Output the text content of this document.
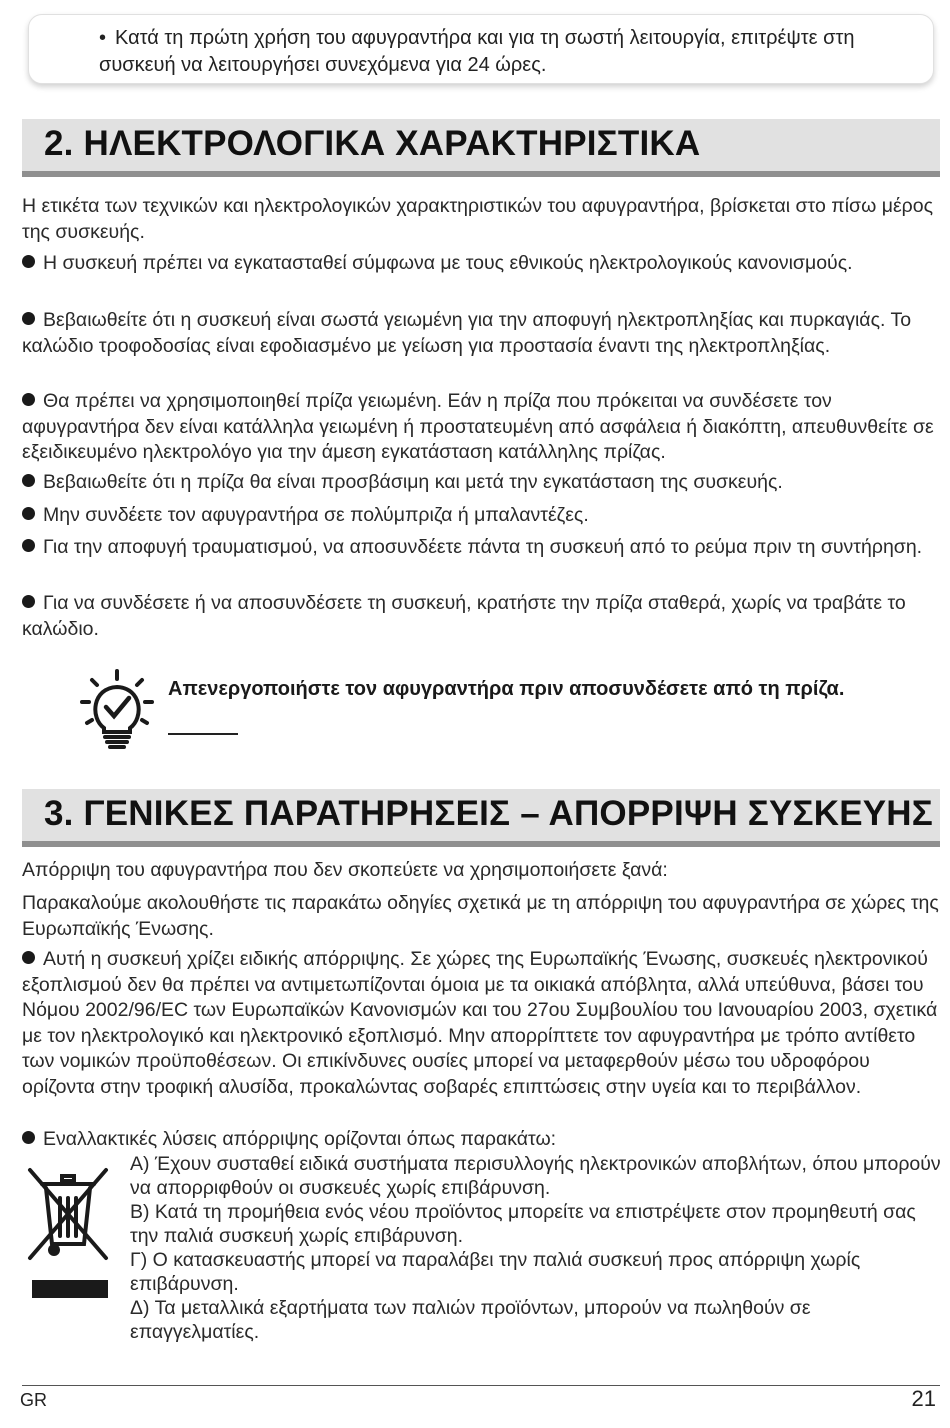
• Κατά τη πρώτη χρήση του αφυγραντήρα και για τη σωστή λειτουργία, επιτρέψτε στη συσκευή να λειτουργήσει συνεχόμενα για 24 ώρες.
2. ΗΛΕΚΤΡΟΛΟΓΙΚΑ ΧΑΡΑΚΤΗΡΙΣΤΙΚΑ

Η ετικέτα των τεχνικών και ηλεκτρολογικών χαρακτηριστικών του αφυγραντήρα, βρίσκεται στο πίσω μέρος της συσκευής.

Η συσκευή πρέπει να εγκατασταθεί σύμφωνα με τους εθνικούς ηλεκτρολογικούς κανονισμούς.

Βεβαιωθείτε ότι η συσκευή είναι σωστά γειωμένη για την αποφυγή ηλεκτροπληξίας και πυρκαγιάς. Το καλώδιο τροφοδοσίας είναι εφοδιασμένο με γείωση για προστασία έναντι της ηλεκτροπληξίας.

Θα πρέπει να χρησιμοποιηθεί πρίζα γειωμένη. Εάν η πρίζα που πρόκειται να συνδέσετε τον αφυγραντήρα δεν είναι κατάλληλα γειωμένη ή προστατευμένη από ασφάλεια ή διακόπτη, απευθυνθείτε σε εξειδικευμένο ηλεκτρολόγο για την άμεση εγκατάσταση κατάλληλης πρίζας.

Βεβαιωθείτε ότι η πρίζα θα είναι προσβάσιμη και μετά την εγκατάσταση της συσκευής.

Μην συνδέετε τον αφυγραντήρα σε πολύμπριζα ή μπαλαντέζες.

Για την αποφυγή τραυματισμού, να αποσυνδέετε πάντα τη συσκευή από το ρεύμα πριν τη συντήρηση.

Για να συνδέσετε ή να αποσυνδέσετε τη συσκευή, κρατήστε την πρίζα σταθερά, χωρίς να τραβάτε το καλώδιο.

Απενεργοποιήστε τον αφυγραντήρα πριν αποσυνδέσετε από τη πρίζα.
3. ΓΕΝΙΚΕΣ ΠΑΡΑΤΗΡΗΣΕΙΣ – ΑΠΟΡΡΙΨΗ ΣΥΣΚΕΥΗΣ

Απόρριψη του αφυγραντήρα που δεν σκοπεύετε να χρησιμοποιήσετε ξανά:

Παρακαλούμε ακολουθήστε τις παρακάτω οδηγίες σχετικά με τη απόρριψη του αφυγραντήρα σε χώρες της Ευρωπαϊκής Ένωσης.

Αυτή η συσκευή χρίζει ειδικής απόρριψης. Σε χώρες της Ευρωπαϊκής Ένωσης, συσκευές ηλεκτρονικού εξοπλισμού δεν θα πρέπει να αντιμετωπίζονται όμοια με τα οικιακά απόβλητα, αλλά υπεύθυνα, βάσει του Νόμου 2002/96/EC των Ευρωπαϊκών Κανονισμών και του 27ου Συμβουλίου του Ιανουαρίου 2003, σχετικά με τον ηλεκτρολογικό και ηλεκτρονικό εξοπλισμό. Μην απορρίπτετε τον αφυγραντήρα με τρόπο αντίθετο των νομικών προϋποθέσεων. Οι επικίνδυνες ουσίες μπορεί να μεταφερθούν μέσω του υδροφόρου ορίζοντα στην τροφική αλυσίδα, προκαλώντας σοβαρές επιπτώσεις στην υγεία και το περιβάλλον.

Εναλλακτικές λύσεις απόρριψης ορίζονται όπως παρακάτω:

Α) Έχουν συσταθεί ειδικά συστήματα περισυλλογής ηλεκτρονικών αποβλήτων, όπου μπορούν να απορριφθούν οι συσκευές χωρίς επιβάρυνση.
Β) Κατά τη προμήθεια ενός νέου προϊόντος μπορείτε να επιστρέψετε στον προμηθευτή σας την παλιά συσκευή χωρίς επιβάρυνση.
Γ) Ο κατασκευαστής μπορεί να παραλάβει την παλιά συσκευή προς απόρριψη χωρίς επιβάρυνση.
Δ) Τα μεταλλικά εξαρτήματα των παλιών προϊόντων, μπορούν να πωληθούν σε επαγγελματίες.
GR	21
